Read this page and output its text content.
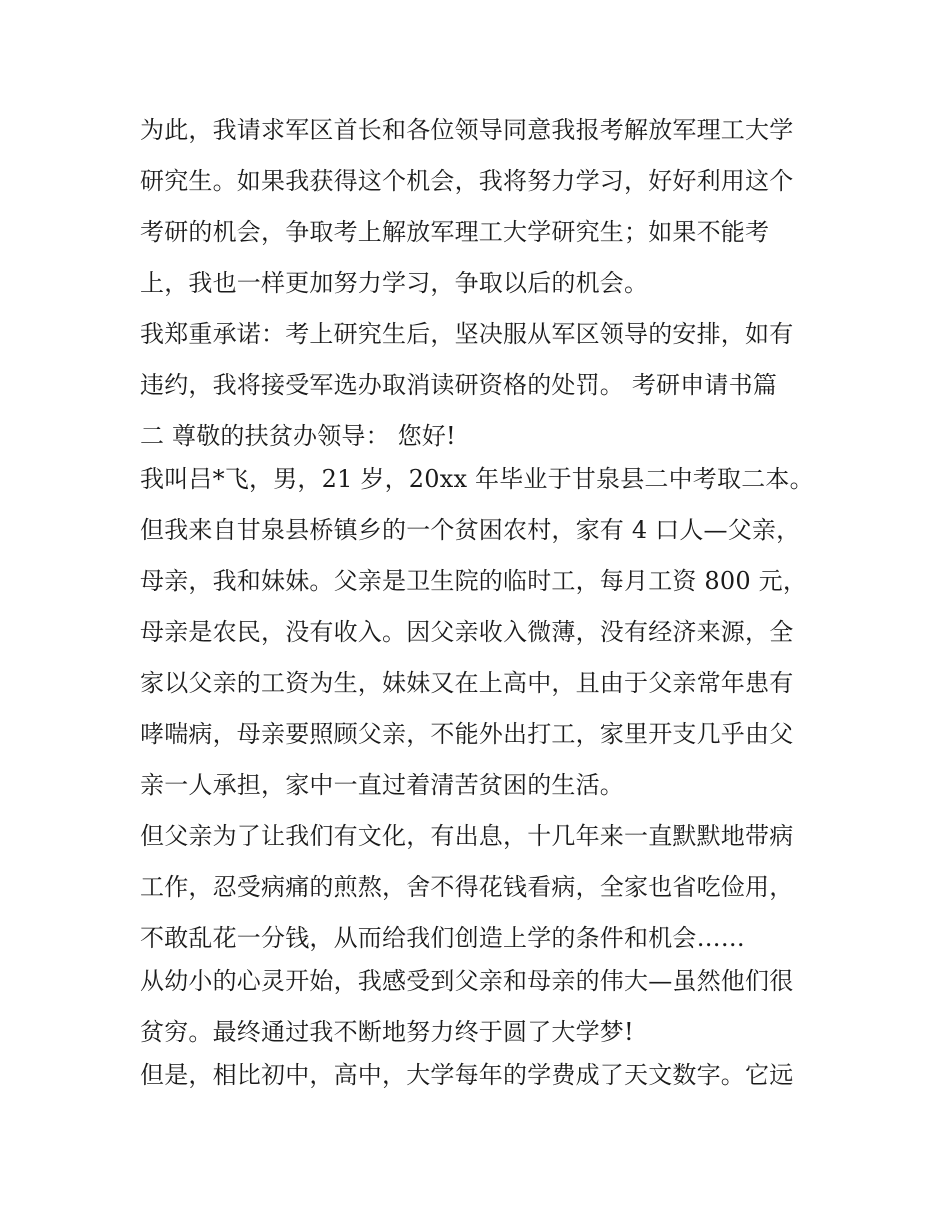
为此，我请求军区首长和各位领导同意我报考解放军理工大学
研究生。如果我获得这个机会，我将努力学习，好好利用这个
考研的机会，争取考上解放军理工大学研究生；如果不能考
上，我也一样更加努力学习，争取以后的机会。
我郑重承诺：考上研究生后，坚决服从军区领导的安排，如有
违约，我将接受军选办取消读研资格的处罚。 考研申请书篇
二 尊敬的扶贫办领导： 您好!
我叫吕*飞，男，21 岁，20xx 年毕业于甘泉县二中考取二本。
但我来自甘泉县桥镇乡的一个贫困农村，家有 4 口人—父亲，
母亲，我和妹妹。父亲是卫生院的临时工，每月工资 800 元，
母亲是农民，没有收入。因父亲收入微薄，没有经济来源，全
家以父亲的工资为生，妹妹又在上高中，且由于父亲常年患有
哮喘病，母亲要照顾父亲，不能外出打工，家里开支几乎由父
亲一人承担，家中一直过着清苦贫困的生活。
但父亲为了让我们有文化，有出息，十几年来一直默默地带病
工作，忍受病痛的煎熬，舍不得花钱看病，全家也省吃俭用，
不敢乱花一分钱，从而给我们创造上学的条件和机会……
从幼小的心灵开始，我感受到父亲和母亲的伟大—虽然他们很
贫穷。最终通过我不断地努力终于圆了大学梦!
但是，相比初中，高中，大学每年的学费成了天文数字。它远
